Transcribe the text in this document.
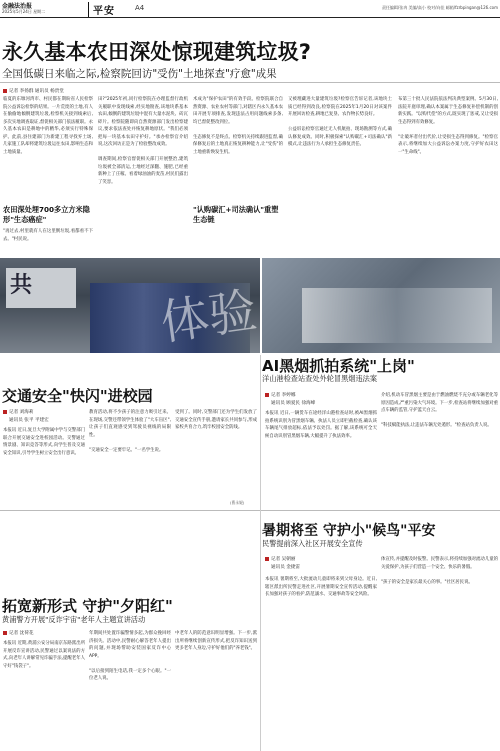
金融法治报
2025年5月24日 星期二	平安	A4	责任编辑/张冉 美编/高小 校对/向佳 邮箱/fzrbpingan@126.com
永久基本农田深处惊现建筑垃圾?
全国低碳日来临之际,检察院回访"受伤"土地探查"疗愈"成果
记者 李扬群 通讯员 杨贵堂
临夏的东塬河湾市、村民都在期盼省人民检察院公益诉讼检察的结果。一片荒废的土地,有人在偷偷地倾倒建筑垃圾,检察机关接到线索后,多次实地调查取证,督促相关部门依法履职。永久基本农田是耕地中的精华,必须实行特殊保护。此前,县住建部门为新建工程寻找弃土场,几家施工队却将建筑垃圾运往农田,影响生态和土地质量。
农田深处埋700多立方米隐形"生态癌症"
"再过去,村里就有人在这里倒垃圾,看都看不下去。"村民说。
田?"2025年初,同行检察院在办理监督行政机关履职中发现线索,经实地勘查,该地块系基本农田,倾倒的建筑垃圾中混有大量水泥块、砖瓦碎片。检察院随即向自然资源部门发出检察建议,要求依法查处并恢复耕地原状。"我们必须把每一块基本农田守护好。"承办检察官介绍说,这次回访正是为了检验整改成效。

调查期间,检察官督促相关部门开展整治,建筑垃圾被全部清运,土地经过深翻、施肥,已经重新种上了庄稼。看着绿油油的麦苗,村民们露出了笑容。
术成为"保护农田"的有效手段。检察院联合自然资源、农业农村等部门,对辖区内永久基本农田开展专项排查,发现违法占用问题线索多条,均已督促整改到位。

生态修复不是终点。检察机关持续跟进监督,确保修复后的土地真正恢复耕种能力,让"受伤"的土地重新焕发生机。
"认购碳汇+司法确认"重塑生态链
又被埋藏进大量建筑垃圾?检察官告诉记者,该地块土质已经得到改良,检察院在2025年1月20日对该案件开展回访检查,耕地已复垦、农作物长势良好。

公益诉讼检察官通过无人机航拍、现场勘测等方式,确认修复成效。同时,积极探索"认购碳汇+司法确认"新模式,让违法行为人承担生态修复责任。
布第三十批人民法院依法判决典型案例。5月30日,法院开庭审理,确认本案属于生态修复补偿机制的创新实践。"以购代偿"的方式,既实现了惩戒,又让受损生态得到有效修复。

"让破坏者付出代价,让受损生态得到修复。"检察官表示,将继续加大公益诉讼办案力度,守护好农田这一"生命线"。
共	体验
AI黑烟抓拍系统"上岗"
洋山港检查站查处外轮冒黑烟违法案
记者 李婷娜
通讯员 顾爱民 徐海峰
本报讯 近日,一辆货车在途经洋山港检查站时,被AI黑烟抓拍系统识别为冒黑烟车辆。执法人员立即拦截检查,确认该车辆尾气排放超标,依法予以处罚。据了解,该系统可全天候自动识别冒黑烟车辆,大幅提升了执法效率。
介绍,机动车冒黑烟主要是由于燃油燃烧不充分或车辆老化等原因造成,严重污染大气环境。下一步,检查站将继续加强对重点车辆的监管,守护蓝天白云。

"科技赋能执法,让违法车辆无处遁形。"检查站负责人说。
交通安全"快闪"进校园
记者 刘海莉
通讯员 张平 平建宏
本报讯 近日,复旦大学附属中学与交警部门联合开展交通安全进校园活动。交警通过情景剧、知识竞答等形式,向学生普及交通安全知识,引导学生树立安全出行意识。
教育活动,将不少孩子的注意力吸引过来。在现场,交警还带领学生体验了"大车盲区",让孩子们直观感受到驾驶员视线的局限性。

"交通安全一定要牢记。"一名学生说。
受到了。同时,交警部门还为学生们发放了交通安全宣传手册,邀请家长共同参与,形成家校共育合力,筑牢校园安全防线。
(曹永妮)
暑期将至 守护小"候鸟"平安
民警提前深入社区开展安全宣传
记者 吴朝丽
通讯员 金捷雷
本报讯 暑期将至,大批流动儿童即将来到父母身边。近日,辖区派出所民警走进社区,开展暑期安全宣传活动,提醒家长加强对孩子的看护,防范溺水、交通事故等安全风险。
体宣传,并提醒及时报警。民警表示,将持续加强对流动儿童的关爱保护,为孩子们营造一个安全、快乐的暑假。

"孩子的安全是家长最关心的事。"社区居民说。
拓宽新形式 守护"夕阳红"
黄浦警方开展"反诈宇宙"老年人主题宣讲活动
记者 沈荷花
本报讯 近期,黄浦公安分局南京东路派出所开展反诈宣讲活动,民警通过以案说法的方式,向老年人讲解常见诈骗手法,提醒老年人守好"钱袋子"。
年期间共处置诈骗警情多起,为群众挽回经济损失。活动中,民警耐心解答老年人提出的问题,并现场帮助安装国家反诈中心APP。

"以后接到陌生电话,我一定多个心眼。"一位老人说。
中老年人的防范意识明显增强。下一步,派出所将继续创新宣传形式,把反诈知识送到更多老年人身边,守护好他们的"养老钱"。
